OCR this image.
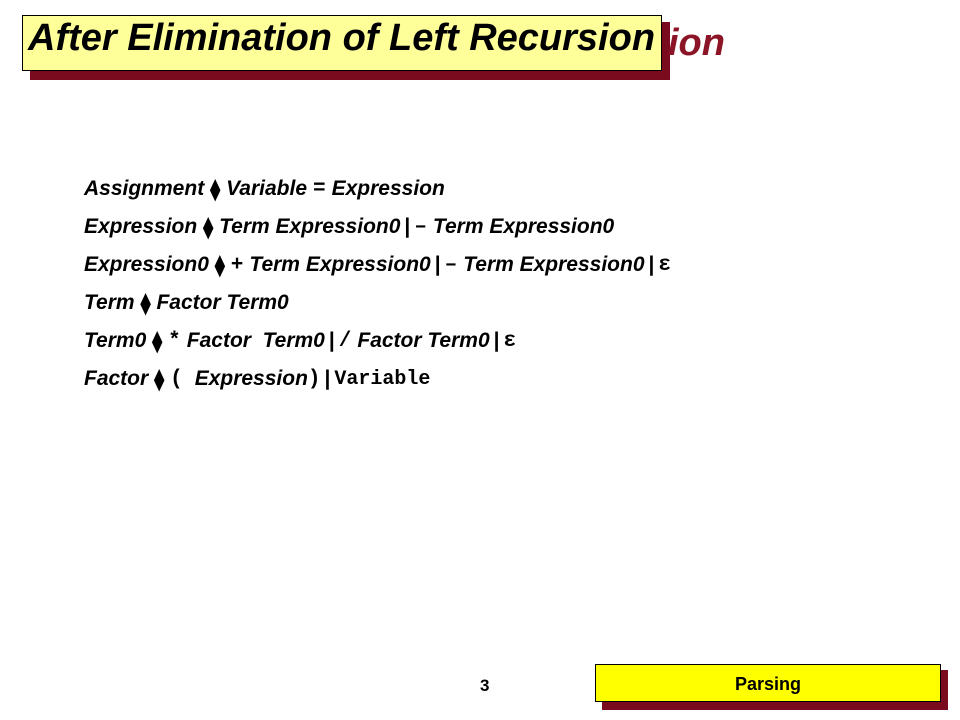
ion
After Elimination of Left Recursion
Assignment ⧫ Variable = Expression
Expression ⧫ Term Expression0 | – Term Expression0
Expression0 ⧫ + Term Expression0 | – Term Expression0 | ε
Term ⧫ Factor Term0
Term0 ⧫ * Factor  Term0 | / Factor Term0 | ε
Factor ⧫ ( Expression ) | Variable
3	Parsing
